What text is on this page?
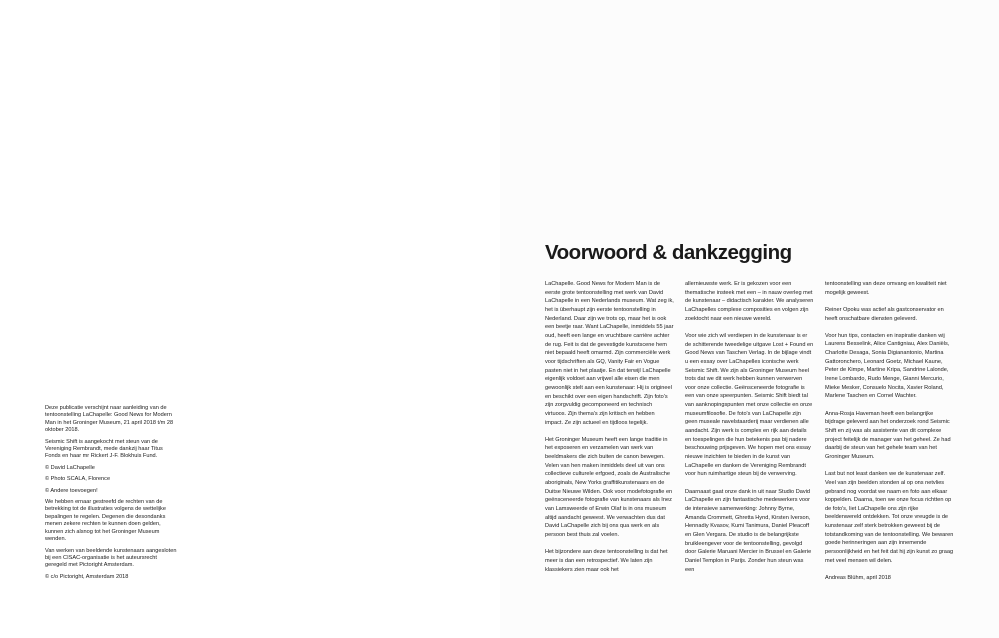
Deze publicatie verschijnt naar aanleiding van de tentoonstelling LaChapelle: Good News for Modern Man in het Groninger Museum, 21 april 2018 t/m 28 oktober 2018.

Seismic Shift is aangekocht met steun van de Vereniging Rembrandt, mede dankzij haar Titus Fonds en haar mr Rickert J-F. Blokhuis Fund.

© David LaChapelle

© Photo SCALA, Florence

© Andere toevoegen!

We hebben ernaar gestreefd de rechten van de betrekking tot de illustraties volgens de wettelijke bepalingen te regelen. Degenen die desondanks menen zekere rechten te kunnen doen gelden, kunnen zich alsnog tot het Groninger Museum wenden.

Van werken van beeldende kunstenaars aangesloten bij een CISAC-organisatie is het auteursrecht geregeld met Pictoright Amsterdam.

© c/o Pictoright, Amsterdam 2018

Voorwoord & dankzegging

LaChapelle. Good News for Modern Man is de eerste grote tentoonstelling met werk van David LaChapelle in een Nederlands museum. Wat zeg ik, het is überhaupt zijn eerste tentoonstelling in Nederland. Daar zijn we trots op, maar het is ook een beetje raar. Want LaChapelle, inmiddels 55 jaar oud, heeft een lange en vruchtbare carrière achter de rug. Feit is dat de gevestigde kunstscene hem niet bepaald heeft omarmd. Zijn commerciële werk voor tijdschriften als GQ, Vanity Fair en Vogue pasten niet in het plaatje. En dat terwijl LaChapelle eigenlijk voldoet aan vrijwel alle eisen die men gewoonlijk stelt aan een kunstenaar: Hij is origineel en beschikt over een eigen handschrift. Zijn foto's zijn zorgvuldig gecomponeerd en technisch virtuoos. Zijn thema's zijn kritisch en hebben impact. Ze zijn actueel en tijdloos tegelijk.

Het Groninger Museum heeft een lange traditie in het exposeren en verzamelen van werk van beeldmakers die zich buiten de canon bewegen. Velen van hen maken inmiddels deel uit van ons collectieve culturele erfgoed, zoals de Australische aboriginals, New Yorks graffitikunstenaars en de Duitse Nieuwe Wilden. Ook voor modefotografie en geënsceneerde fotografie van kunstenaars als Inez van Lamsweerde of Erwin Olaf is in ons museum altijd aandacht geweest. We verwachten dus dat David LaChapelle zich bij ons qua werk en als persoon best thuis zal voelen.

Het bijzondere aan deze tentoonstelling is dat het meer is dan een retrospectief. We laten zijn klassiekers zien maar ook het

allernieuwste werk. Er is gekozen voor een thematische insteek met een – in nauw overleg met de kunstenaar – didactisch karakter. We analyseren LaChapelles complexe composities en volgen zijn zoektocht naar een nieuwe wereld.

Voor wie zich wil verdiepen in de kunstenaar is er de schitterende tweedelige uitgave Lost + Found en Good News van Taschen Verlag. In de bijlage vindt u een essay over LaChapelles iconische werk Seismic Shift. We zijn als Groninger Museum heel trots dat we dit werk hebben kunnen verwerven voor onze collectie. Geënsceneerde fotografie is een van onze speerpunten. Seismic Shift biedt tal van aanknopingspunten met onze collectie en onze museumfilosofie. De foto's van LaChapelle zijn geen museale navelstaarderij maar verdienen alle aandacht. Zijn werk is complex en rijk aan details en toespelingen die hun betekenis pas bij nadere beschouwing prijsgeven. We hopen met ons essay nieuwe inzichten te bieden in de kunst van LaChapelle en danken de Vereniging Rembrandt voor hun ruimhartige steun bij de verwerving.

Daarnaast gaat onze dank in uit naar Studio David LaChapelle en zijn fantastische medewerkers voor de intensieve samenwerking: Johnny Byrne, Amanda Crommett, Ghretta Hynd, Kirsten Iverson, Hennadiy Kvasov, Kumi Tanimura, Daniel Pleacoff en Glen Vergara. De studio is de belangrijkste bruikleengever voor de tentoonstelling, gevolgd door Galerie Maruani Mercier in Brussel en Galerie Daniel Templon in Parijs. Zonder hun steun was een

tentoonstelling van deze omvang en kwaliteit niet mogelijk geweest.

Reiner Opoku was actief als gastconservator en heeft onschatbare diensten geleverd.

Voor hun tips, contacten en inspiratie danken wij Laurens Besselink, Alice Cantigniau, Alex Daniëls, Charlotte Desaga, Sonia Digianantonio, Martina Gattoronchero, Leonard Goetz, Michael Kaune, Peter de Kimpe, Martine Kripa, Sandrine Lalonde, Irene Lombardo, Rudo Menge, Gianni Mercurio, Mieke Mesker, Consuelo Nocita, Xavier Roland, Marlene Taschen en Cornel Wachter.

Anna-Rosja Haveman heeft een belangrijke bijdrage geleverd aan het onderzoek rond Seismic Shift en zij was als assistente van dit complexe project feitelijk de manager van het geheel. Ze had daarbij de steun van het gehele team van het Groninger Museum.

Last but not least danken we de kunstenaar zelf. Veel van zijn beelden stonden al op ons netvlies gebrand nog voordat we naam en foto aan elkaar koppelden. Daarna, toen we onze focus richtten op de foto's, liet LaChapelle ons zijn rijke beeldenwereld ontdekken. Tot onze vreugde is de kunstenaar zelf sterk betrokken geweest bij de totstandkoming van de tentoonstelling. We bewaren goede herinneringen aan zijn innemende persoonlijkheid en het feit dat hij zijn kunst zo graag met veel mensen wil delen.

Andreas Blühm, april 2018
